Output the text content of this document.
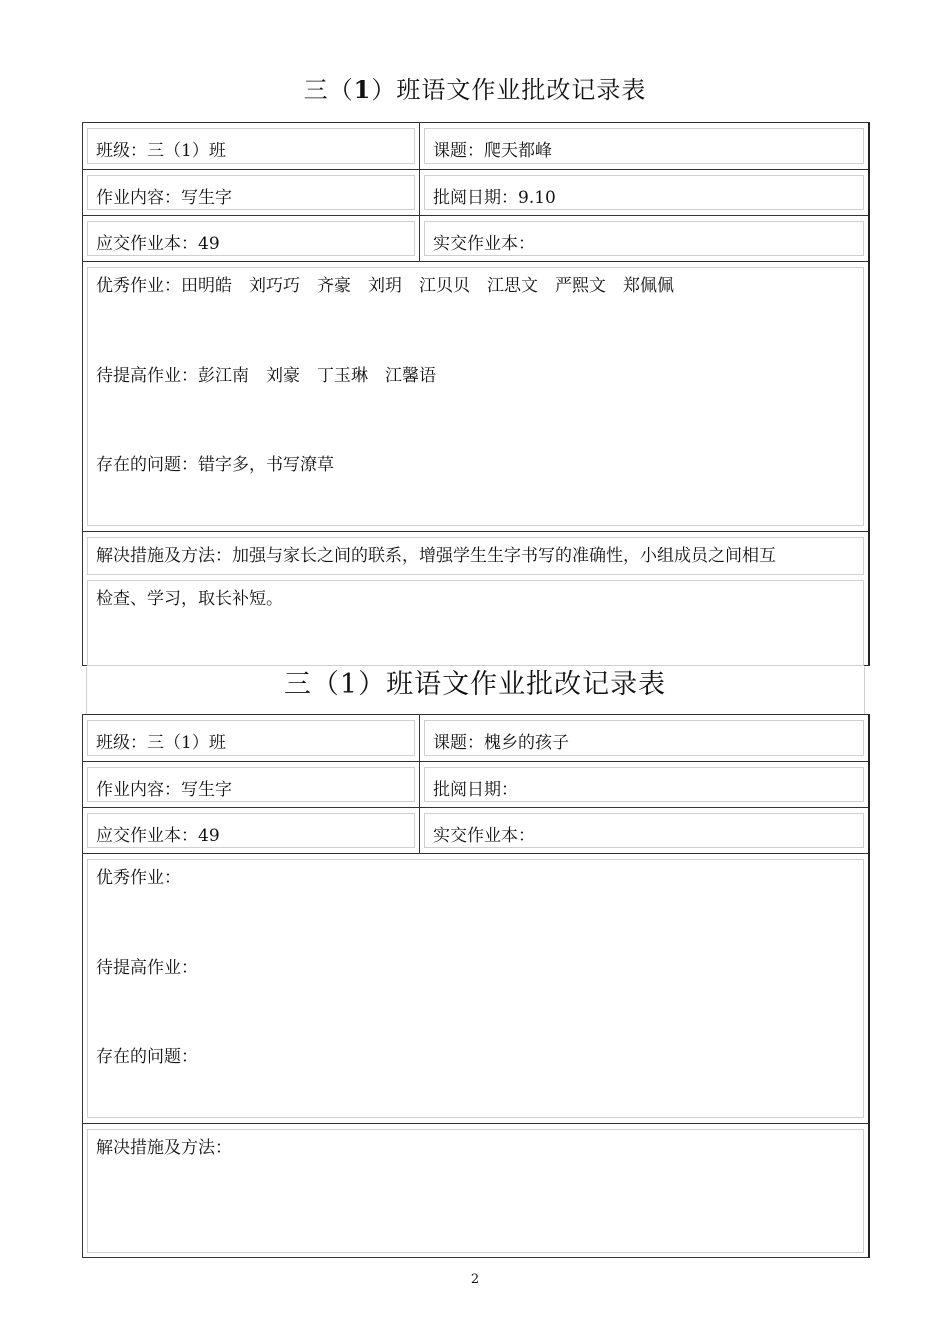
三（1）班语文作业批改记录表
班级：三（1）班	课题：爬天都峰
作业内容：写生字	批阅日期：9.10
应交作业本：49	实交作业本：
优秀作业：田明皓　刘巧巧　齐豪　刘玥　江贝贝　江思文　严熙文　郑佩佩
待提高作业：彭江南　刘豪　丁玉琳　江馨语
存在的问题：错字多，书写潦草
解决措施及方法：加强与家长之间的联系，增强学生生字书写的准确性，小组成员之间相互
检查、学习，取长补短。
三（1）班语文作业批改记录表
班级：三（1）班	课题：槐乡的孩子
作业内容：写生字	批阅日期：
应交作业本：49	实交作业本：
优秀作业：
待提高作业：
存在的问题：
解决措施及方法：
2
